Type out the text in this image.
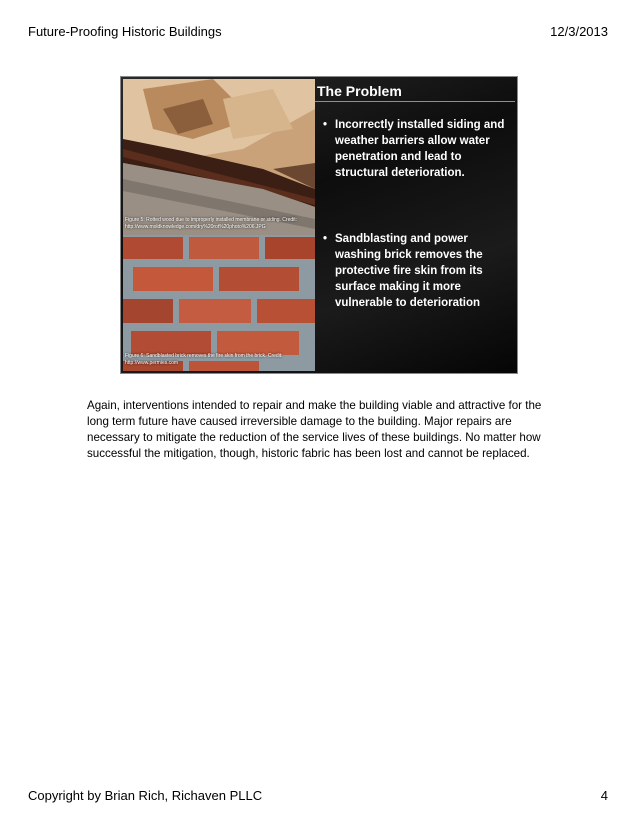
Future-Proofing Historic Buildings	12/3/2013
Figure 5: Rotted wood due to improperly installed membrane or siding. Credit: http://www.moldknowledge.com/dry%20rot%20photo%206.JPG
Figure 6: Sandblasted brick removes the fire skin from the brick. Credit: http://www.permies.com
The Problem
• Incorrectly installed siding and weather barriers allow water penetration and lead to structural deterioration.
• Sandblasting and power washing brick removes the protective fire skin from its surface making it more vulnerable to deterioration
Again, interventions intended to repair and make the building viable and attractive for the long term future have caused irreversible damage to the building. Major repairs are necessary to mitigate the reduction of the service lives of these buildings. No matter how successful the mitigation, though, historic fabric has been lost and cannot be replaced.
Copyright by Brian Rich, Richaven PLLC	4
